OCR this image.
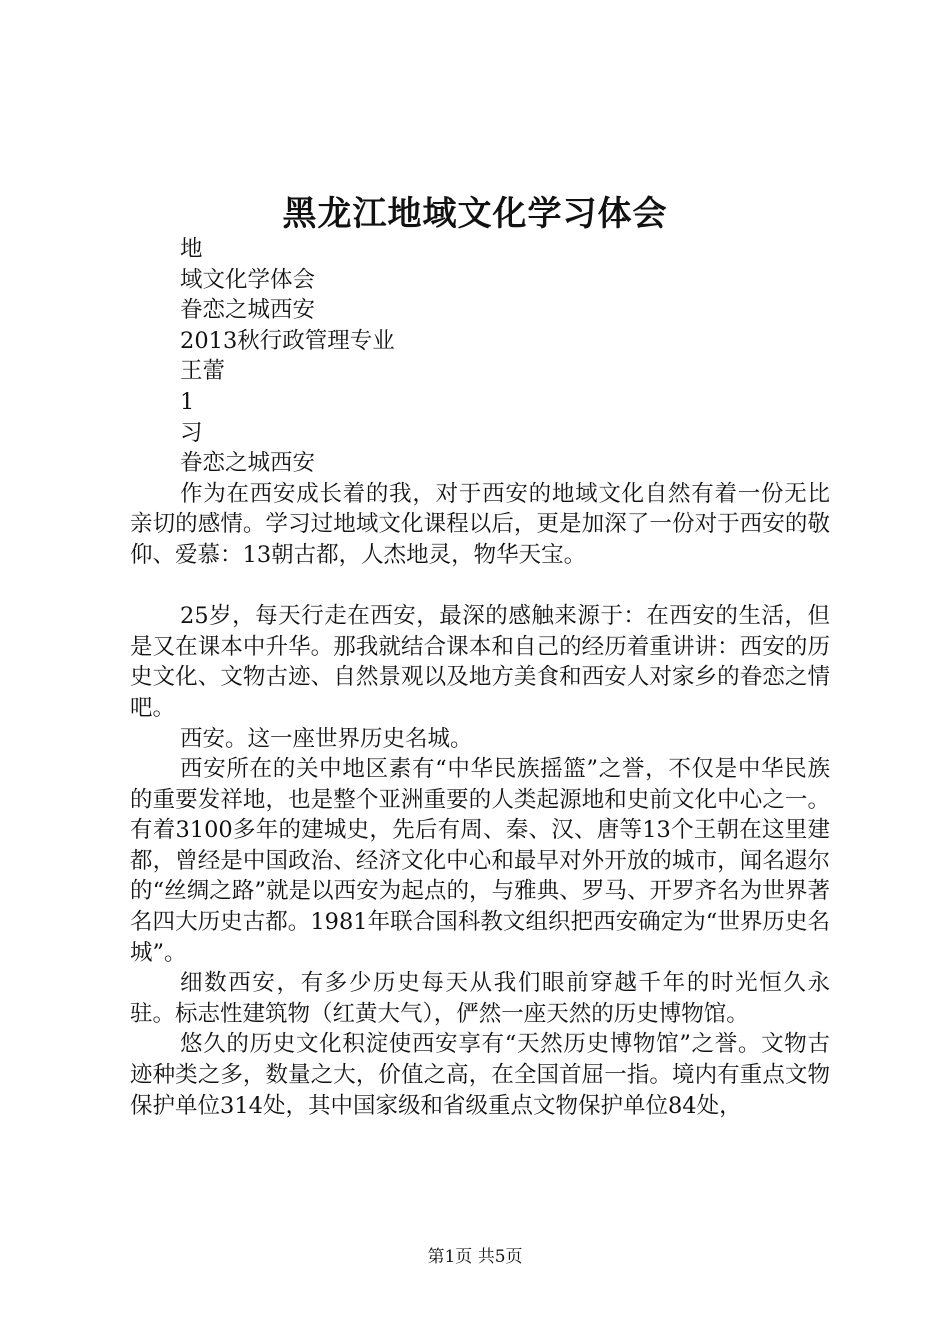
黑龙江地域文化学习体会
地
域文化学体会
眷恋之城西安
2013秋行政管理专业
王蕾
1
习
眷恋之城西安
作为在西安成长着的我，对于西安的地域文化自然有着一份无比亲切的感情。学习过地域文化课程以后，更是加深了一份对于西安的敬仰、爱慕：13朝古都，人杰地灵，物华天宝。
25岁，每天行走在西安，最深的感触来源于：在西安的生活，但是又在课本中升华。那我就结合课本和自己的经历着重讲讲：西安的历史文化、文物古迹、自然景观以及地方美食和西安人对家乡的眷恋之情吧。
西安。这一座世界历史名城。
西安所在的关中地区素有“中华民族摇篮”之誉，不仅是中华民族的重要发祥地，也是整个亚洲重要的人类起源地和史前文化中心之一。有着3100多年的建城史，先后有周、秦、汉、唐等13个王朝在这里建都，曾经是中国政治、经济文化中心和最早对外开放的城市，闻名遐尔的“丝绸之路”就是以西安为起点的，与雅典、罗马、开罗齐名为世界著名四大历史古都。1981年联合国科教文组织把西安确定为“世界历史名城”。
细数西安，有多少历史每天从我们眼前穿越千年的时光恒久永驻。标志性建筑物（红黄大气），俨然一座天然的历史博物馆。
悠久的历史文化积淀使西安享有“天然历史博物馆”之誉。文物古迹种类之多，数量之大，价值之高，在全国首屈一指。境内有重点文物保护单位314处，其中国家级和省级重点文物保护单位84处，
第1页 共5页
